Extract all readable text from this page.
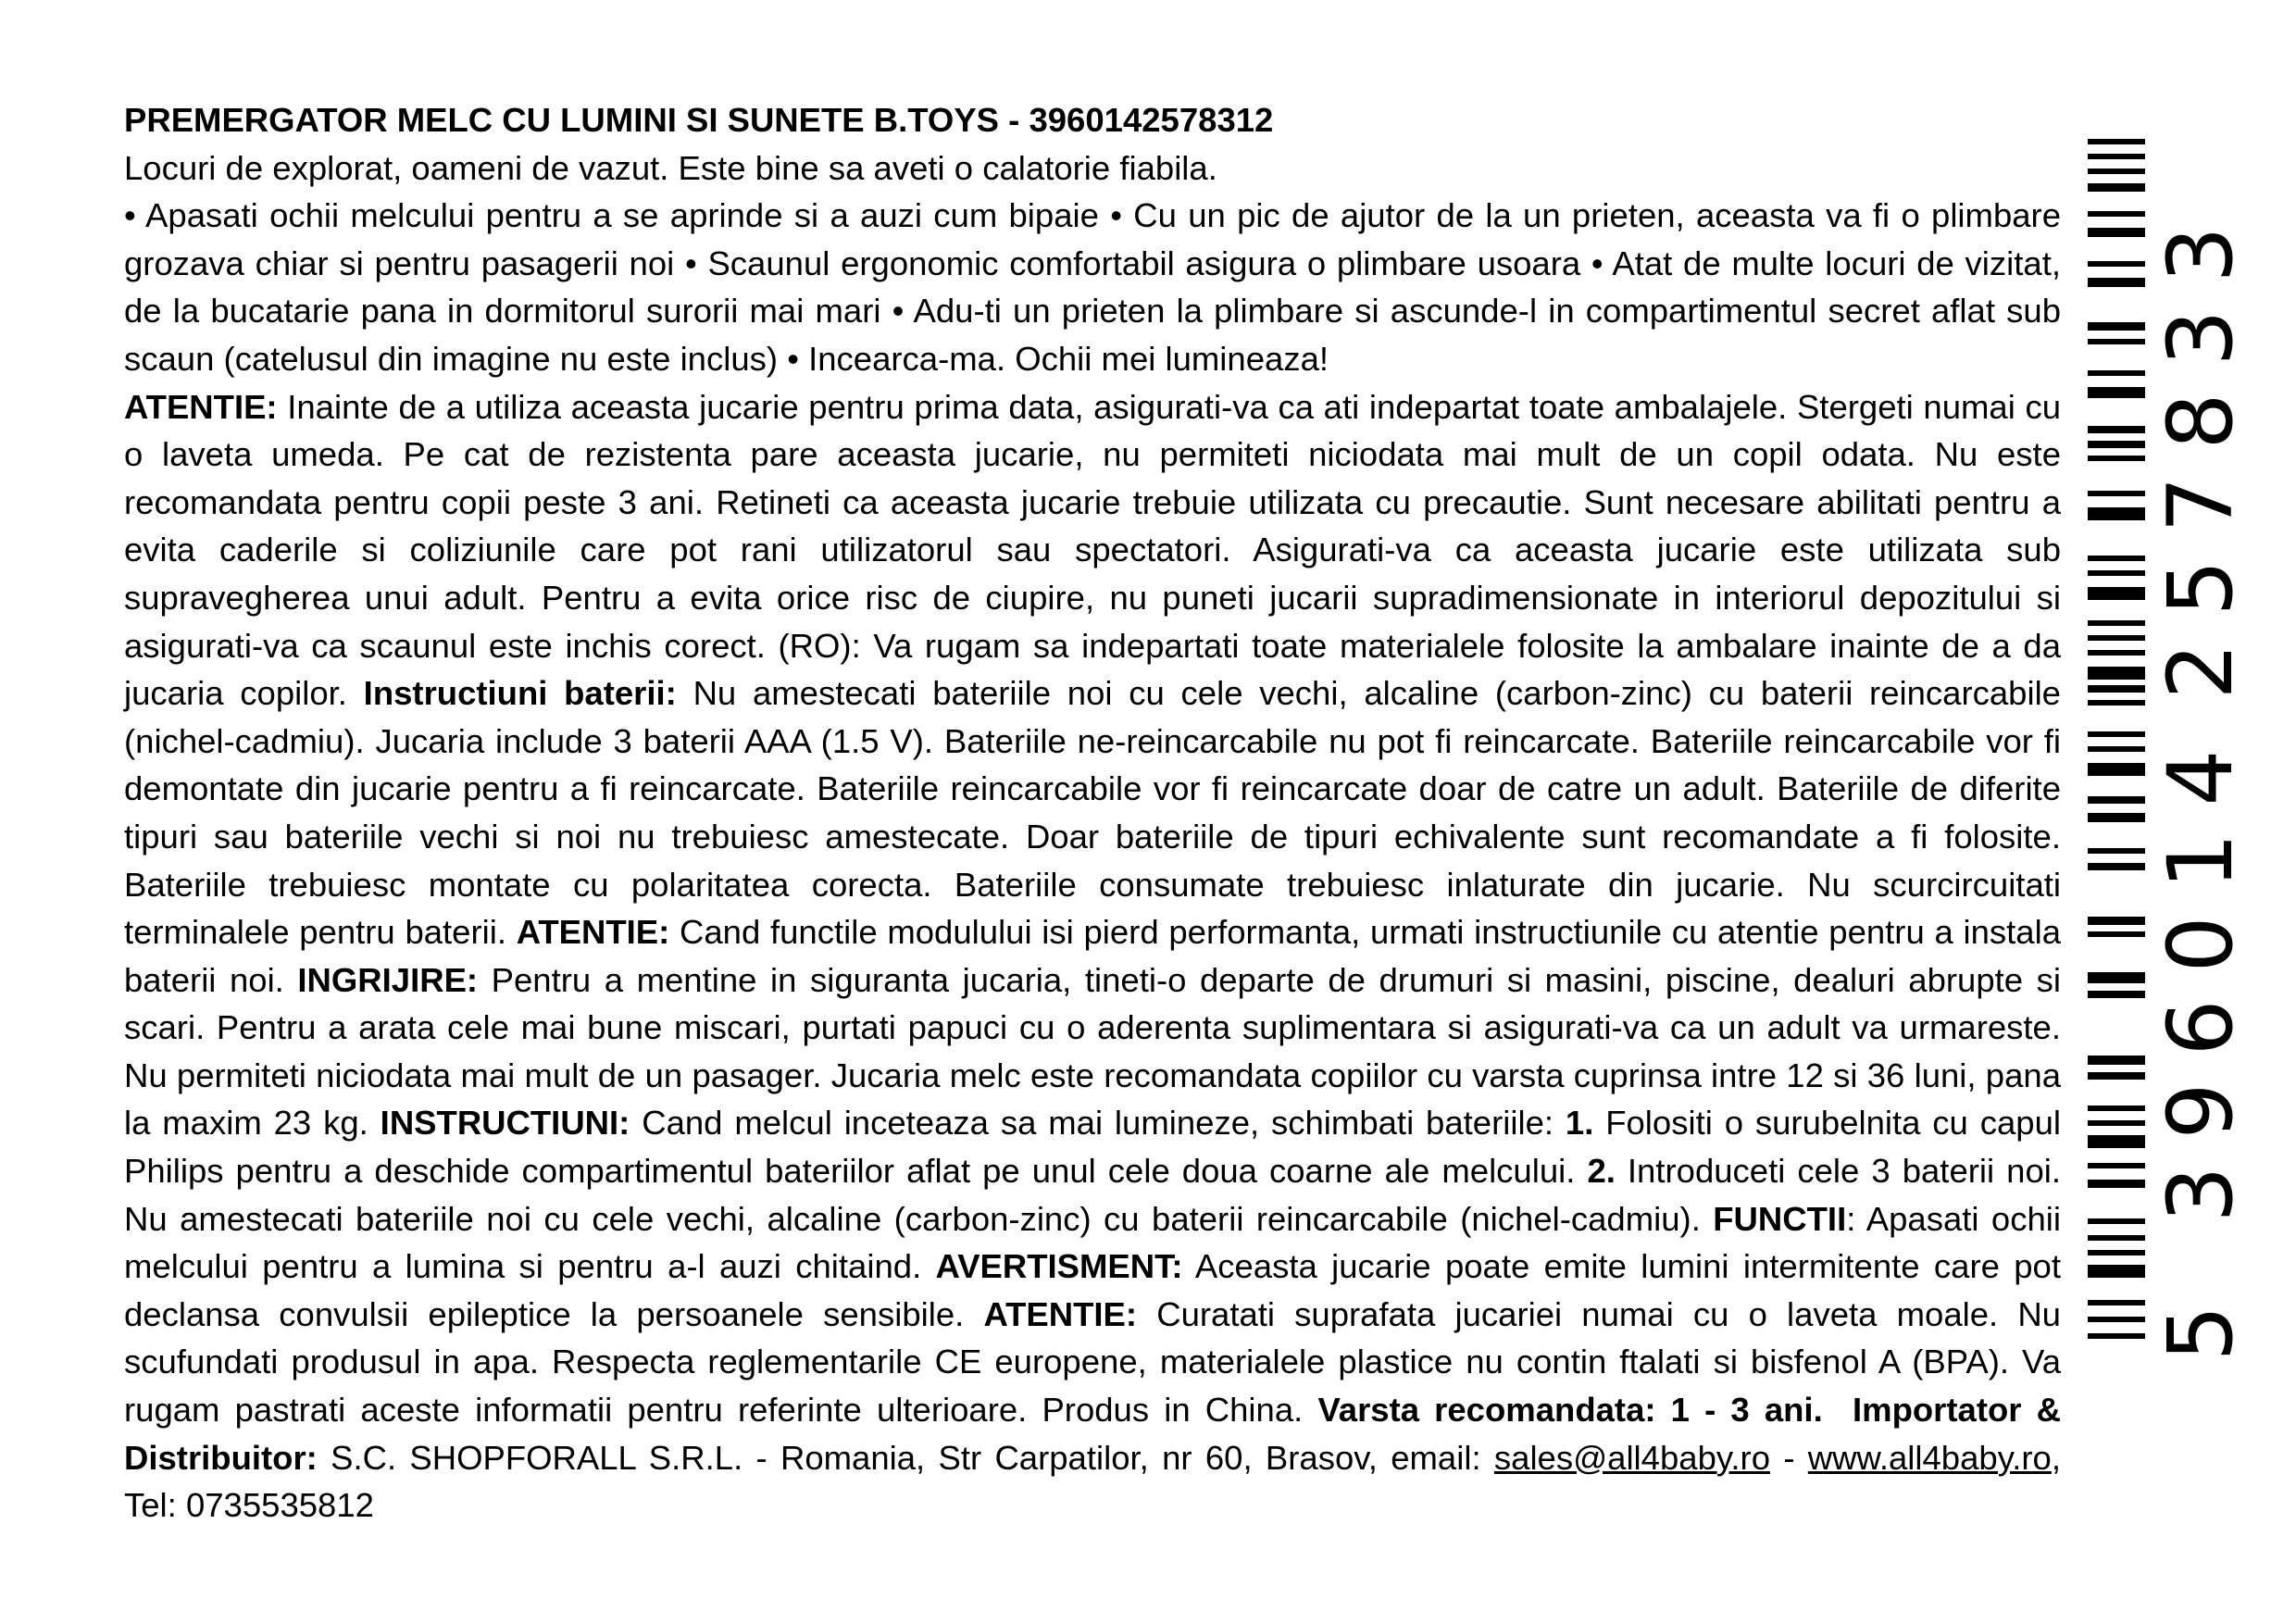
PREMERGATOR MELC CU LUMINI SI SUNETE B.TOYS - 3960142578312

Locuri de explorat, oameni de vazut. Este bine sa aveti o calatorie fiabila.

• Apasati ochii melcului pentru a se aprinde si a auzi cum bipaie • Cu un pic de ajutor de la un prieten, aceasta va fi o plimbare grozava chiar si pentru pasagerii noi • Scaunul ergonomic comfortabil asigura o plimbare usoara • Atat de multe locuri de vizitat, de la bucatarie pana in dormitorul surorii mai mari • Adu-ti un prieten la plimbare si ascunde-l in compartimentul secret aflat sub scaun (catelusul din imagine nu este inclus) • Incearca-ma. Ochii mei lumineaza!

ATENTIE: Inainte de a utiliza aceasta jucarie pentru prima data, asigurati-va ca ati indepartat toate ambalajele. Stergeti numai cu o laveta umeda. Pe cat de rezistenta pare aceasta jucarie, nu permiteti niciodata mai mult de un copil odata. Nu este recomandata pentru copii peste 3 ani. Retineti ca aceasta jucarie trebuie utilizata cu precautie. Sunt necesare abilitati pentru a evita caderile si coliziunile care pot rani utilizatorul sau spectatori. Asigurati-va ca aceasta jucarie este utilizata sub supravegherea unui adult. Pentru a evita orice risc de ciupire, nu puneti jucarii supradimensionate in interiorul depozitului si asigurati-va ca scaunul este inchis corect. (RO): Va rugam sa indepartati toate materialele folosite la ambalare inainte de a da jucaria copilor. Instructiuni baterii: Nu amestecati bateriile noi cu cele vechi, alcaline (carbon-zinc) cu baterii reincarcabile (nichel-cadmiu). Jucaria include 3 baterii AAA (1.5 V). Bateriile ne-reincarcabile nu pot fi reincarcate. Bateriile reincarcabile vor fi demontate din jucarie pentru a fi reincarcate. Bateriile reincarcabile vor fi reincarcate doar de catre un adult. Bateriile de diferite tipuri sau bateriile vechi si noi nu trebuiesc amestecate. Doar bateriile de tipuri echivalente sunt recomandate a fi folosite. Bateriile trebuiesc montate cu polaritatea corecta. Bateriile consumate trebuiesc inlaturate din jucarie. Nu scurcircuitati terminalele pentru baterii. ATENTIE: Cand functile modulului isi pierd performanta, urmati instructiunile cu atentie pentru a instala baterii noi. INGRIJIRE: Pentru a mentine in siguranta jucaria, tineti-o departe de drumuri si masini, piscine, dealuri abrupte si scari. Pentru a arata cele mai bune miscari, purtati papuci cu o aderenta suplimentara si asigurati-va ca un adult va urmareste. Nu permiteti niciodata mai mult de un pasager. Jucaria melc este recomandata copiilor cu varsta cuprinsa intre 12 si 36 luni, pana la maxim 23 kg. INSTRUCTIUNI: Cand melcul inceteaza sa mai lumineze, schimbati bateriile: 1. Folositi o surubelnita cu capul Philips pentru a deschide compartimentul bateriilor aflat pe unul cele doua coarne ale melcului. 2. Introduceti cele 3 baterii noi. Nu amestecati bateriile noi cu cele vechi, alcaline (carbon-zinc) cu baterii reincarcabile (nichel-cadmiu). FUNCTII: Apasati ochii melcului pentru a lumina si pentru a-l auzi chitaind. AVERTISMENT: Aceasta jucarie poate emite lumini intermitente care pot declansa convulsii epileptice la persoanele sensibile. ATENTIE: Curatati suprafata jucariei numai cu o laveta moale. Nu scufundati produsul in apa. Respecta reglementarile CE europene, materialele plastice nu contin ftalati si bisfenol A (BPA). Va rugam pastrati aceste informatii pentru referinte ulterioare. Produs in China. Varsta recomandata: 1 - 3 ani. Importator & Distribuitor: S.C. SHOPFORALL S.R.L. - Romania, Str Carpatilor, nr 60, Brasov, email: sales@all4baby.ro - www.all4baby.ro, Tel: 0735535812

5
3
9
6
0
1
4
2
5
7
8
3
3
